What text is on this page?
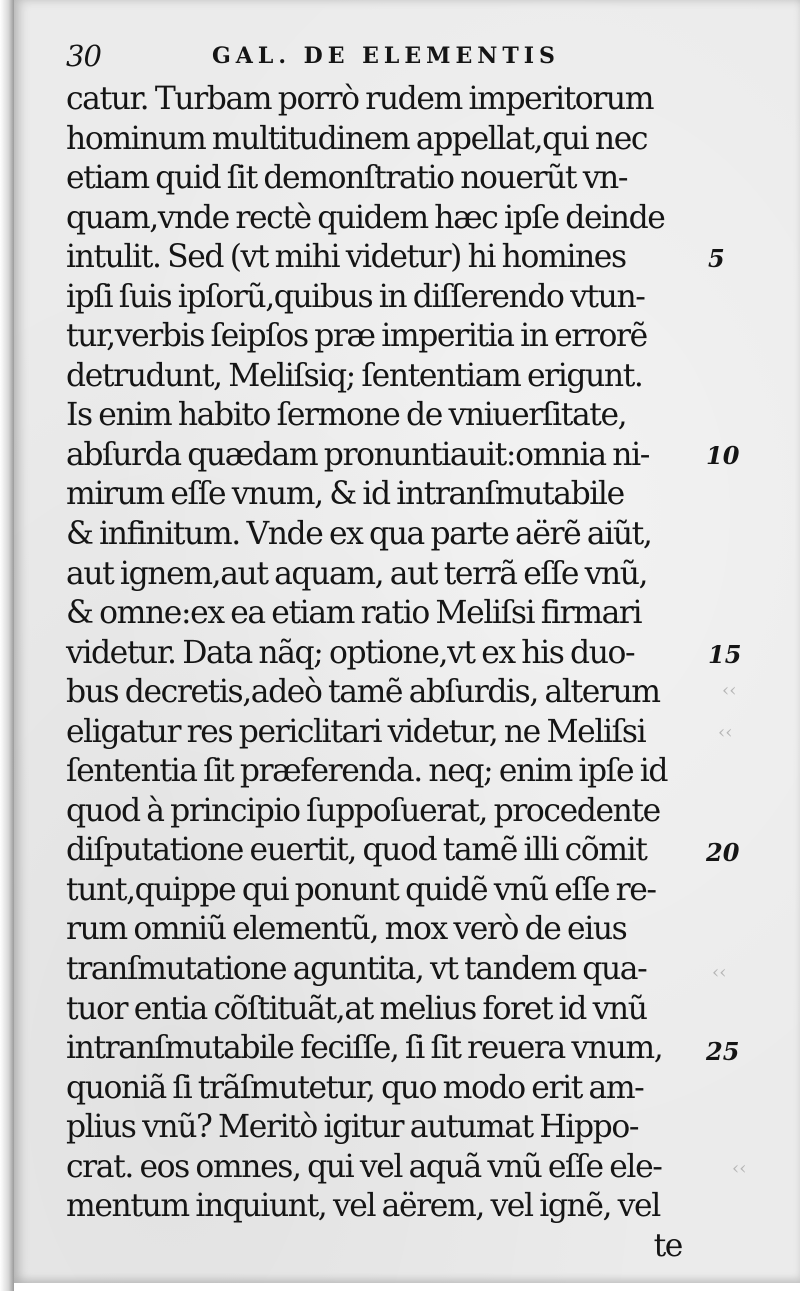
30	GAL. DE ELEMENTIS
catur. Turbam porrò rudem imperitorum
hominum multitudinem appellat,qui nec
etiam quid ſit demonſtratio nouerũt vn-
quam,vnde rectè quidem hæc ipſe deinde
intulit. Sed (vt mihi videtur) hi homines
ipſi ſuis ipſorũ,quibus in diſſerendo vtun-
tur,verbis ſeipſos præ imperitia in errorẽ
detrudunt, Meliſsiq; ſententiam erigunt.
Is enim habito ſermone de vniuerſitate,
abſurda quædam pronuntiauit:omnia ni-
mirum eſſe vnum, & id intranſmutabile
& infinitum. Vnde ex qua parte aërẽ aiũt,
aut ignem,aut aquam, aut terrã eſſe vnũ,
& omne:ex ea etiam ratio Meliſsi firmari
videtur. Data nãq; optione,vt ex his duo-
bus decretis,adeò tamẽ abſurdis, alterum
eligatur res periclitari videtur, ne Meliſsi
ſententia ſit præferenda. neq; enim ipſe id
quod à principio ſuppoſuerat, procedente
diſputatione euertit, quod tamẽ illi cõmit
tunt,quippe qui ponunt quidẽ vnũ eſſe re-
rum omniũ elementũ, mox verò de eius
tranſmutatione aguntita, vt tandem qua-
tuor entia cõſtituãt,at melius foret id vnũ
intranſmutabile feciſſe, ſi ſit reuera vnum,
quoniã ſi trãſmutetur, quo modo erit am-
plius vnũ? Meritò igitur autumat Hippo-
crat. eos omnes, qui vel aquã vnũ eſſe ele-
mentum inquiunt, vel aërem, vel ignẽ, vel
te
5
10
15
20
25
‹‹
‹‹
‹‹
‹‹
